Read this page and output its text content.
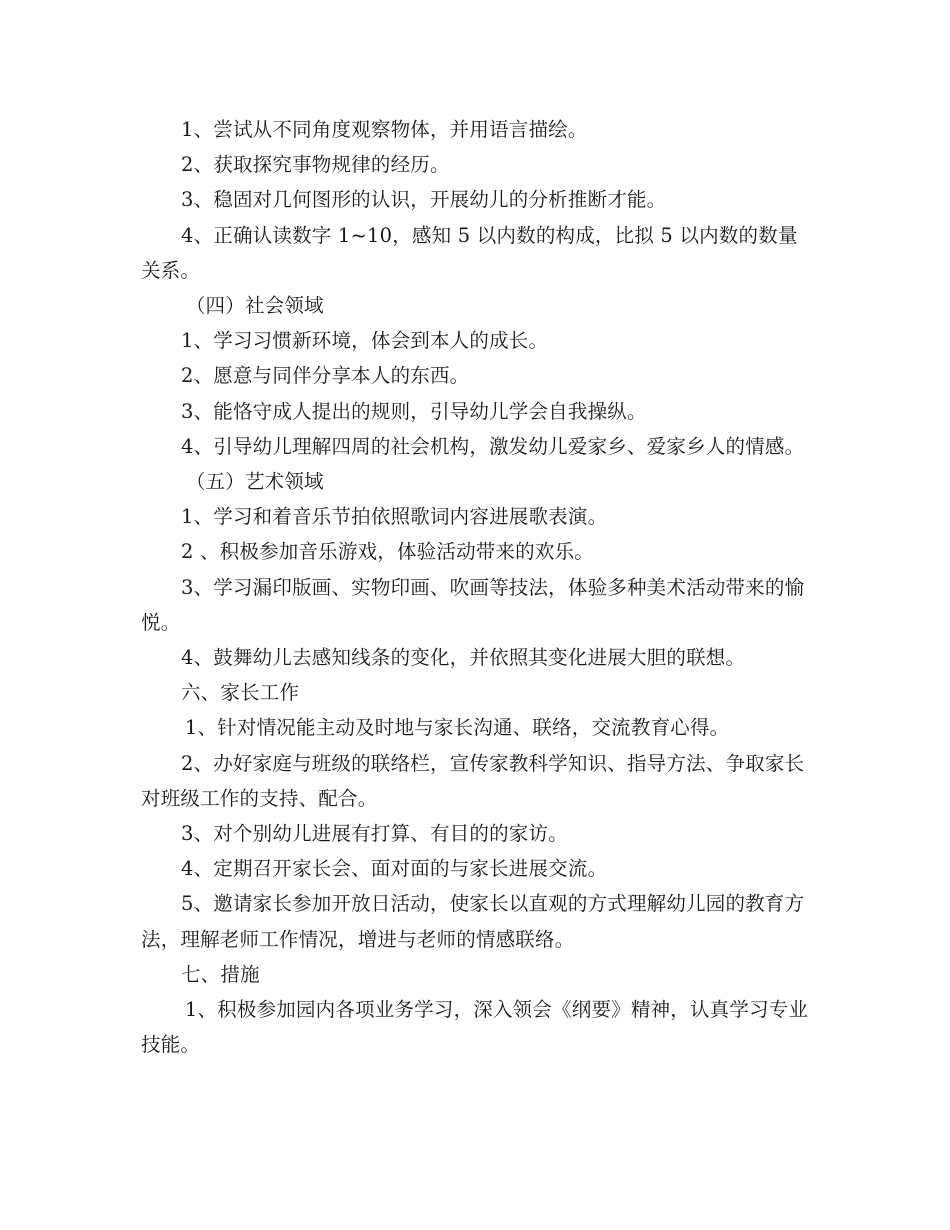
1、尝试从不同角度观察物体，并用语言描绘。

2、获取探究事物规律的经历。

3、稳固对几何图形的认识，开展幼儿的分析推断才能。

4、正确认读数字 1~10，感知 5 以内数的构成，比拟 5 以内数的数量关系。

（四）社会领域

1、学习习惯新环境，体会到本人的成长。

2、愿意与同伴分享本人的东西。

3、能恪守成人提出的规则，引导幼儿学会自我操纵。

4、引导幼儿理解四周的社会机构，激发幼儿爱家乡、爱家乡人的情感。

（五）艺术领域

1、学习和着音乐节拍依照歌词内容进展歌表演。

2 、积极参加音乐游戏，体验活动带来的欢乐。

3、学习漏印版画、实物印画、吹画等技法，体验多种美术活动带来的愉悦。

4、鼓舞幼儿去感知线条的变化，并依照其变化进展大胆的联想。

六、家长工作

1、针对情况能主动及时地与家长沟通、联络，交流教育心得。

2、办好家庭与班级的联络栏，宣传家教科学知识、指导方法、争取家长对班级工作的支持、配合。

3、对个别幼儿进展有打算、有目的的家访。

4、定期召开家长会、面对面的与家长进展交流。

5、邀请家长参加开放日活动，使家长以直观的方式理解幼儿园的教育方法，理解老师工作情况，增进与老师的情感联络。

七、措施

1、积极参加园内各项业务学习，深入领会《纲要》精神，认真学习专业技能。
